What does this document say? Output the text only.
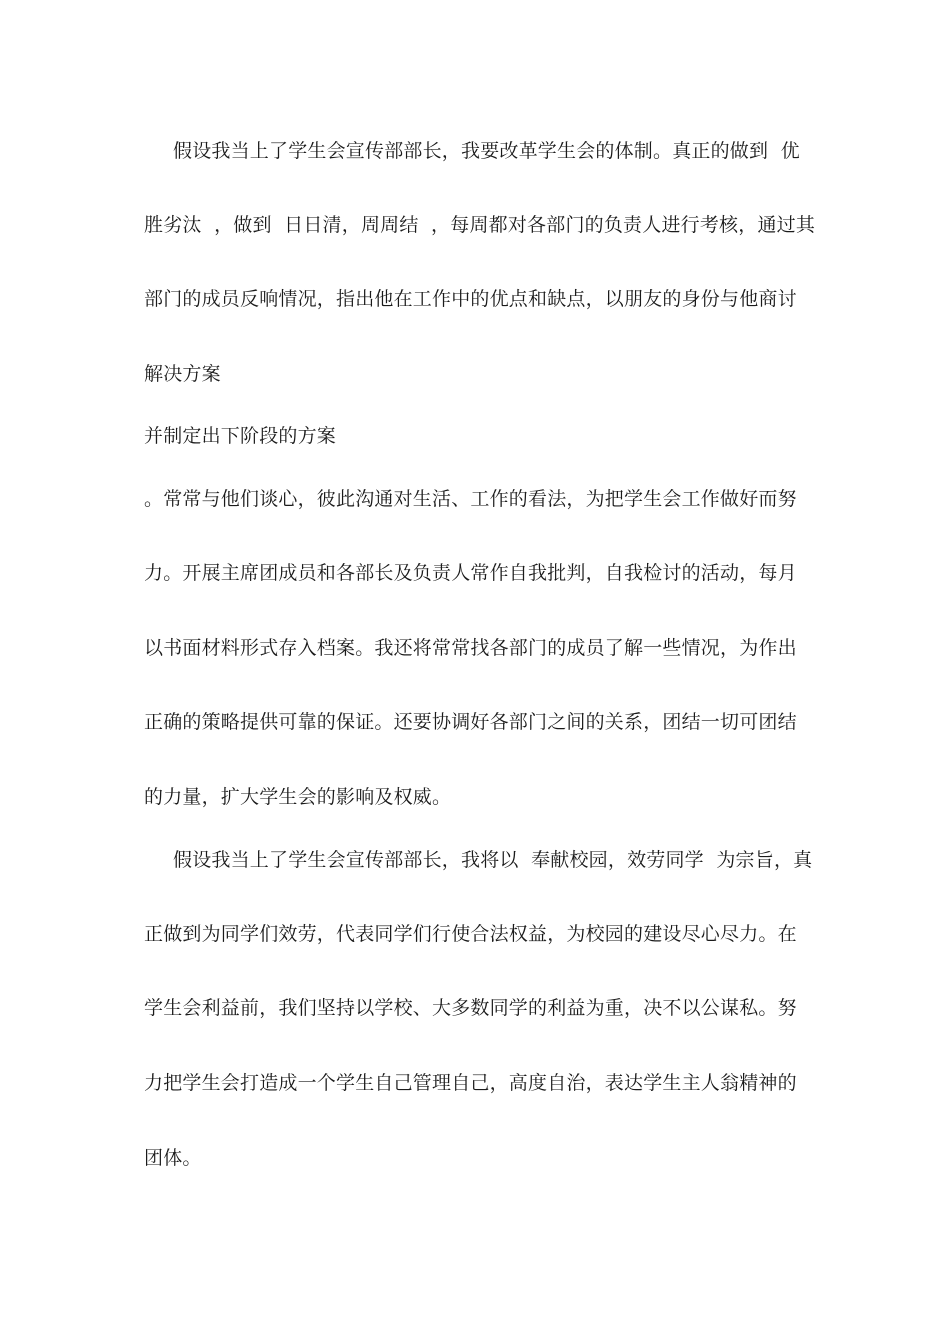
假设我当上了学生会宣传部部长，我要改革学生会的体制。真正的做到  优
胜劣汰  ，做到  日日清，周周结  ，每周都对各部门的负责人进行考核，通过其
部门的成员反响情况，指出他在工作中的优点和缺点，以朋友的身份与他商讨
解决方案
并制定出下阶段的方案
。常常与他们谈心，彼此沟通对生活、工作的看法，为把学生会工作做好而努
力。开展主席团成员和各部长及负责人常作自我批判，自我检讨的活动，每月
以书面材料形式存入档案。我还将常常找各部门的成员了解一些情况，为作出
正确的策略提供可靠的保证。还要协调好各部门之间的关系，团结一切可团结
的力量，扩大学生会的影响及权威。
假设我当上了学生会宣传部部长，我将以  奉献校园，效劳同学  为宗旨，真
正做到为同学们效劳，代表同学们行使合法权益，为校园的建设尽心尽力。在
学生会利益前，我们坚持以学校、大多数同学的利益为重，决不以公谋私。努
力把学生会打造成一个学生自己管理自己，高度自治，表达学生主人翁精神的
团体。
